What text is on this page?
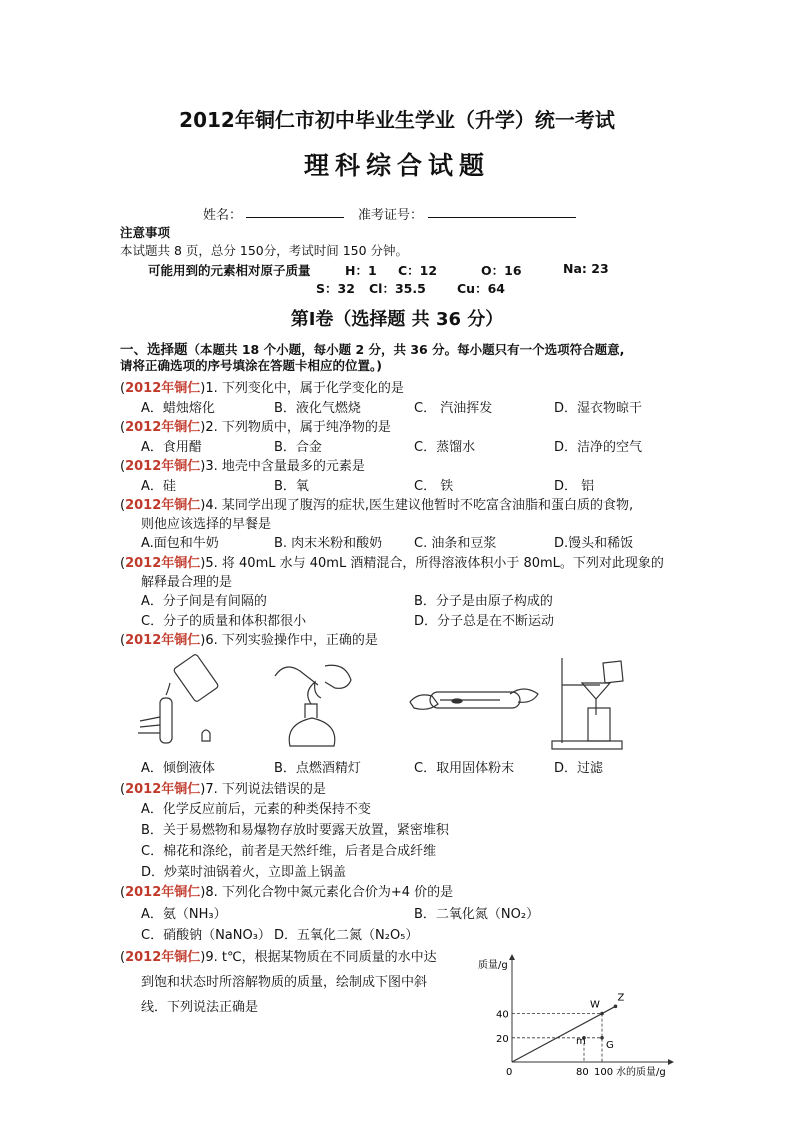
2012年铜仁市初中毕业生学业（升学）统一考试
理科综合试题
姓名：	准考证号：
注意事项
本试题共 8 页，总分 150分，考试时间 150 分钟。
可能用到的元素相对原子质量	H：1 C：12	O：16	Na: 23
S：32 Cl：35.5 Cu：64
第Ⅰ卷（选择题 共 36 分）
一、选择题（本题共 18 个小题，每小题 2 分，共 36 分。每小题只有一个选项符合题意,
请将正确选项的序号填涂在答题卡相应的位置。)
(2012年铜仁)1. 下列变化中，属于化学变化的是
A．蜡烛熔化	B．液化气燃烧	C． 汽油挥发	D．湿衣物晾干
(2012年铜仁)2. 下列物质中，属于纯净物的是
A．食用醋	B．合金	C．蒸馏水	D．洁净的空气
(2012年铜仁)3. 地壳中含量最多的元素是
A．硅	B．氧	C． 铁	D． 铝
(2012年铜仁)4. 某同学出现了腹泻的症状,医生建议他暂时不吃富含油脂和蛋白质的食物,
则他应该选择的早餐是
A.面包和牛奶	B. 肉末米粉和酸奶 C. 油条和豆浆	D.馒头和稀饭
(2012年铜仁)5. 将 40mL 水与 40mL 酒精混合，所得溶液体积小于 80mL。下列对此现象的
解释最合理的是
A．分子间是有间隔的	B．分子是由原子构成的
C．分子的质量和体积都很小	D．分子总是在不断运动
(2012年铜仁)6. 下列实验操作中，正确的是
A．倾倒液体	B．点燃酒精灯	C．取用固体粉末	D．过滤
(2012年铜仁)7. 下列说法错误的是
A．化学反应前后，元素的种类保持不变
B．关于易燃物和易爆物存放时要露天放置，紧密堆积
C．棉花和涤纶，前者是天然纤维，后者是合成纤维
D．炒菜时油锅着火，立即盖上锅盖
(2012年铜仁)8. 下列化合物中氮元素化合价为+4 价的是
A．氨（NH₃）	B．二氧化氮（NO₂）
C．硝酸钠（NaNO₃） D．五氧化二氮（N₂O₅）
(2012年铜仁)9. t℃，根据某物质在不同质量的水中达
到饱和状态时所溶解物质的质量，绘制成下图中斜
线．下列说法正确是
质量/g
水的质量/g
0	80 100
20
40
W
Z
m G
